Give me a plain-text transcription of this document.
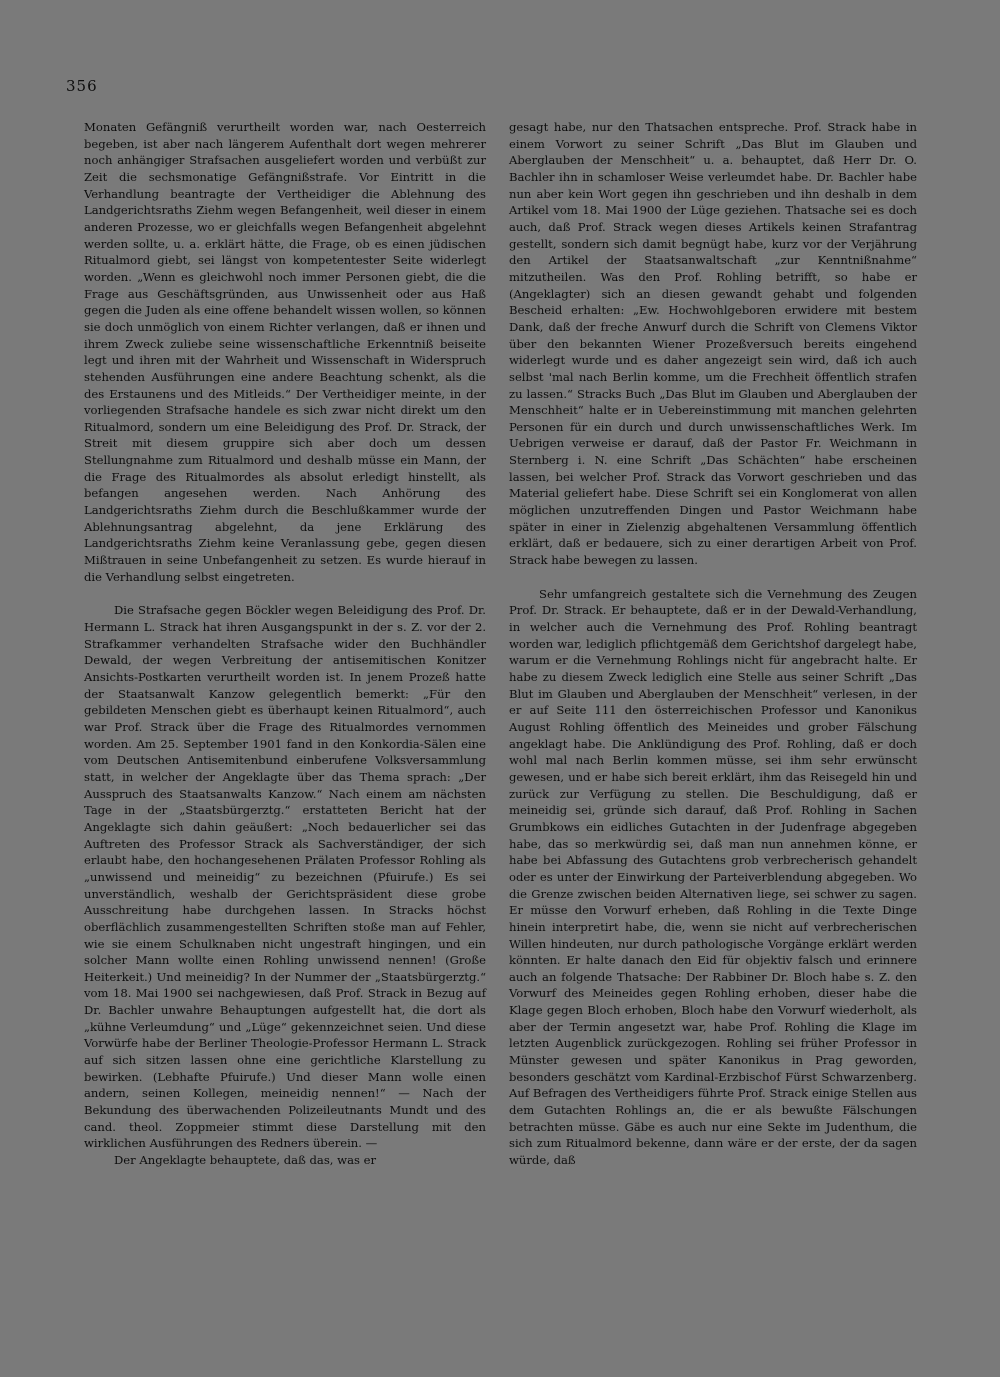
356

Monaten Gefängniß verurtheilt worden war, nach Oesterreich begeben, ist aber nach längerem Aufenthalt dort wegen mehrerer noch anhängiger Strafsachen ausgeliefert worden und verbüßt zur Zeit die sechsmonatige Gefängnißstrafe. Vor Eintritt in die Verhandlung beantragte der Vertheidiger die Ablehnung des Landgerichtsraths Ziehm wegen Befangenheit, weil dieser in einem anderen Prozesse, wo er gleichfalls wegen Befangenheit abgelehnt werden sollte, u. a. erklärt hätte, die Frage, ob es einen jüdischen Ritualmord giebt, sei längst von kompetentester Seite widerlegt worden. „Wenn es gleichwohl noch immer Personen giebt, die die Frage aus Geschäftsgründen, aus Unwissenheit oder aus Haß gegen die Juden als eine offene behandelt wissen wollen, so können sie doch unmöglich von einem Richter verlangen, daß er ihnen und ihrem Zweck zuliebe seine wissenschaftliche Erkenntniß beiseite legt und ihren mit der Wahrheit und Wissenschaft in Widerspruch stehenden Ausführungen eine andere Beachtung schenkt, als die des Erstaunens und des Mitleids.“ Der Vertheidiger meinte, in der vorliegenden Strafsache handele es sich zwar nicht direkt um den Ritualmord, sondern um eine Beleidigung des Prof. Dr. Strack, der Streit mit diesem gruppire sich aber doch um dessen Stellungnahme zum Ritualmord und deshalb müsse ein Mann, der die Frage des Ritualmordes als absolut erledigt hinstellt, als befangen angesehen werden. Nach Anhörung des Landgerichtsraths Ziehm durch die Beschlußkammer wurde der Ablehnungsantrag abgelehnt, da jene Erklärung des Landgerichtsraths Ziehm keine Veranlassung gebe, gegen diesen Mißtrauen in seine Unbefangenheit zu setzen. Es wurde hierauf in die Verhandlung selbst eingetreten.

Die Strafsache gegen Böckler wegen Beleidigung des Prof. Dr. Hermann L. Strack hat ihren Ausgangspunkt in der s. Z. vor der 2. Strafkammer verhandelten Strafsache wider den Buchhändler Dewald, der wegen Verbreitung der antisemitischen Konitzer Ansichts-Postkarten verurtheilt worden ist. In jenem Prozeß hatte der Staatsanwalt Kanzow gelegentlich bemerkt: „Für den gebildeten Menschen giebt es überhaupt keinen Ritualmord“, auch war Prof. Strack über die Frage des Ritualmordes vernommen worden. Am 25. September 1901 fand in den Konkordia-Sälen eine vom Deutschen Antisemitenbund einberufene Volksversammlung statt, in welcher der Angeklagte über das Thema sprach: „Der Ausspruch des Staatsanwalts Kanzow.“ Nach einem am nächsten Tage in der „Staatsbürgerztg.“ erstatteten Bericht hat der Angeklagte sich dahin geäußert: „Noch bedauerlicher sei das Auftreten des Professor Strack als Sachverständiger, der sich erlaubt habe, den hochangesehenen Prälaten Professor Rohling als „unwissend und meineidig“ zu bezeichnen (Pfuirufe.) Es sei unverständlich, weshalb der Gerichtspräsident diese grobe Ausschreitung habe durchgehen lassen. In Stracks höchst oberflächlich zusammengestellten Schriften stoße man auf Fehler, wie sie einem Schulknaben nicht ungestraft hingingen, und ein solcher Mann wollte einen Rohling unwissend nennen! (Große Heiterkeit.) Und meineidig? In der Nummer der „Staatsbürgerztg.“ vom 18. Mai 1900 sei nachgewiesen, daß Prof. Strack in Bezug auf Dr. Bachler unwahre Behauptungen aufgestellt hat, die dort als „kühne Verleumdung“ und „Lüge“ gekennzeichnet seien. Und diese Vorwürfe habe der Berliner Theologie-Professor Hermann L. Strack auf sich sitzen lassen ohne eine gerichtliche Klarstellung zu bewirken. (Lebhafte Pfuirufe.) Und dieser Mann wolle einen andern, seinen Kollegen, meineidig nennen!“ — Nach der Bekundung des überwachenden Polizeileutnants Mundt und des cand. theol. Zoppmeier stimmt diese Darstellung mit den wirklichen Ausführungen des Redners überein. —

Der Angeklagte behauptete, daß das, was er

gesagt habe, nur den Thatsachen entspreche. Prof. Strack habe in einem Vorwort zu seiner Schrift „Das Blut im Glauben und Aberglauben der Menschheit“ u. a. behauptet, daß Herr Dr. O. Bachler ihn in schamloser Weise verleumdet habe. Dr. Bachler habe nun aber kein Wort gegen ihn geschrieben und ihn deshalb in dem Artikel vom 18. Mai 1900 der Lüge geziehen. Thatsache sei es doch auch, daß Prof. Strack wegen dieses Artikels keinen Strafantrag gestellt, sondern sich damit begnügt habe, kurz vor der Verjährung den Artikel der Staatsanwaltschaft „zur Kenntnißnahme“ mitzutheilen. Was den Prof. Rohling betrifft, so habe er (Angeklagter) sich an diesen gewandt gehabt und folgenden Bescheid erhalten: „Ew. Hochwohlgeboren erwidere mit bestem Dank, daß der freche Anwurf durch die Schrift von Clemens Viktor über den bekannten Wiener Prozeßversuch bereits eingehend widerlegt wurde und es daher angezeigt sein wird, daß ich auch selbst 'mal nach Berlin komme, um die Frechheit öffentlich strafen zu lassen.“ Stracks Buch „Das Blut im Glauben und Aberglauben der Menschheit“ halte er in Uebereinstimmung mit manchen gelehrten Personen für ein durch und durch unwissenschaftliches Werk. Im Uebrigen verweise er darauf, daß der Pastor Fr. Weichmann in Sternberg i. N. eine Schrift „Das Schächten“ habe erscheinen lassen, bei welcher Prof. Strack das Vorwort geschrieben und das Material geliefert habe. Diese Schrift sei ein Konglomerat von allen möglichen unzutreffenden Dingen und Pastor Weichmann habe später in einer in Zielenzig abgehaltenen Versammlung öffentlich erklärt, daß er bedauere, sich zu einer derartigen Arbeit von Prof. Strack habe bewegen zu lassen.

Sehr umfangreich gestaltete sich die Vernehmung des Zeugen Prof. Dr. Strack. Er behauptete, daß er in der Dewald-Verhandlung, in welcher auch die Vernehmung des Prof. Rohling beantragt worden war, lediglich pflichtgemäß dem Gerichtshof dargelegt habe, warum er die Vernehmung Rohlings nicht für angebracht halte. Er habe zu diesem Zweck lediglich eine Stelle aus seiner Schrift „Das Blut im Glauben und Aberglauben der Menschheit“ verlesen, in der er auf Seite 111 den österreichischen Professor und Kanonikus August Rohling öffentlich des Meineides und grober Fälschung angeklagt habe. Die Anklündigung des Prof. Rohling, daß er doch wohl mal nach Berlin kommen müsse, sei ihm sehr erwünscht gewesen, und er habe sich bereit erklärt, ihm das Reisegeld hin und zurück zur Verfügung zu stellen. Die Beschuldigung, daß er meineidig sei, gründe sich darauf, daß Prof. Rohling in Sachen Grumbkows ein eidliches Gutachten in der Judenfrage abgegeben habe, das so merkwürdig sei, daß man nun annehmen könne, er habe bei Abfassung des Gutachtens grob verbrecherisch gehandelt oder es unter der Einwirkung der Parteiverblendung abgegeben. Wo die Grenze zwischen beiden Alternativen liege, sei schwer zu sagen. Er müsse den Vorwurf erheben, daß Rohling in die Texte Dinge hinein interpretirt habe, die, wenn sie nicht auf verbrecherischen Willen hindeuten, nur durch pathologische Vorgänge erklärt werden könnten. Er halte danach den Eid für objektiv falsch und erinnere auch an folgende Thatsache: Der Rabbiner Dr. Bloch habe s. Z. den Vorwurf des Meineides gegen Rohling erhoben, dieser habe die Klage gegen Bloch erhoben, Bloch habe den Vorwurf wiederholt, als aber der Termin angesetzt war, habe Prof. Rohling die Klage im letzten Augenblick zurückgezogen. Rohling sei früher Professor in Münster gewesen und später Kanonikus in Prag geworden, besonders geschätzt vom Kardinal-Erzbischof Fürst Schwarzenberg. Auf Befragen des Vertheidigers führte Prof. Strack einige Stellen aus dem Gutachten Rohlings an, die er als bewußte Fälschungen betrachten müsse. Gäbe es auch nur eine Sekte im Judenthum, die sich zum Ritualmord bekenne, dann wäre er der erste, der da sagen würde, daß
